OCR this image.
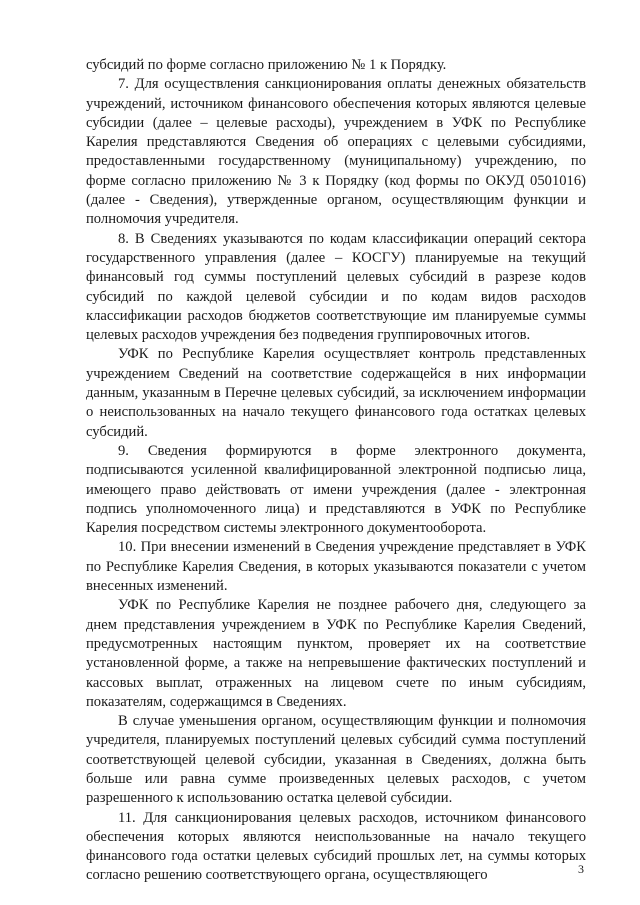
субсидий по форме согласно приложению № 1 к Порядку.

7. Для осуществления санкционирования оплаты денежных обязательств учреждений, источником финансового обеспечения которых являются целевые субсидии (далее – целевые расходы), учреждением в УФК по Республике Карелия представляются Сведения об операциях с целевыми субсидиями, предоставленными государственному (муниципальному) учреждению, по форме согласно приложению № 3 к Порядку (код формы по ОКУД 0501016) (далее - Сведения), утвержденные органом, осуществляющим функции и полномочия учредителя.

8. В Сведениях указываются по кодам классификации операций сектора государственного управления (далее – КОСГУ) планируемые на текущий финансовый год суммы поступлений целевых субсидий в разрезе кодов субсидий по каждой целевой субсидии и по кодам видов расходов классификации расходов бюджетов соответствующие им планируемые суммы целевых расходов учреждения без подведения группировочных итогов.

УФК по Республике Карелия осуществляет контроль представленных учреждением Сведений на соответствие содержащейся в них информации данным, указанным в Перечне целевых субсидий, за исключением информации о неиспользованных на начало текущего финансового года остатках целевых субсидий.

9. Сведения формируются в форме электронного документа, подписываются усиленной квалифицированной электронной подписью лица, имеющего право действовать от имени учреждения (далее - электронная подпись уполномоченного лица) и представляются в УФК по Республике Карелия посредством системы электронного документооборота.

10. При внесении изменений в Сведения учреждение представляет в УФК по Республике Карелия Сведения, в которых указываются показатели с учетом внесенных изменений.

УФК по Республике Карелия не позднее рабочего дня, следующего за днем представления учреждением в УФК по Республике Карелия Сведений, предусмотренных настоящим пунктом, проверяет их на соответствие установленной форме, а также на непревышение фактических поступлений и кассовых выплат, отраженных на лицевом счете по иным субсидиям, показателям, содержащимся в Сведениях.

В случае уменьшения органом, осуществляющим функции и полномочия учредителя, планируемых поступлений целевых субсидий сумма поступлений соответствующей целевой субсидии, указанная в Сведениях, должна быть больше или равна сумме произведенных целевых расходов, с учетом разрешенного к использованию остатка целевой субсидии.

11. Для санкционирования целевых расходов, источником финансового обеспечения которых являются неиспользованные на начало текущего финансового года остатки целевых субсидий прошлых лет, на суммы которых согласно решению соответствующего органа, осуществляющего	3
